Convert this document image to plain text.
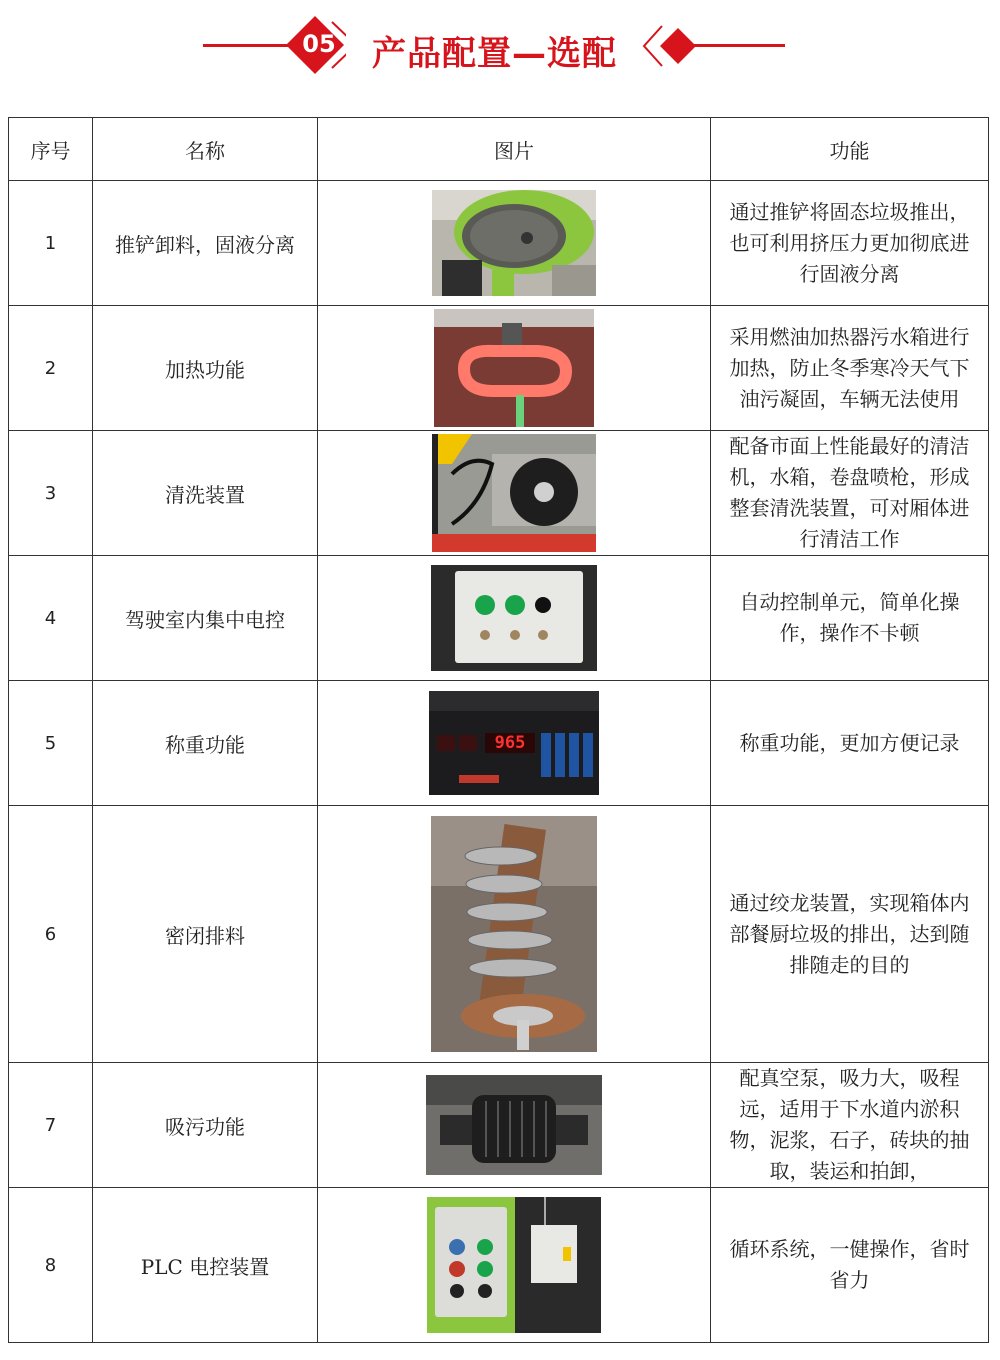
05	产品配置—选配
序号	名称	图片	功能
1	推铲卸料，固液分离		通过推铲将固态垃圾推出，也可利用挤压力更加彻底进行固液分离
2	加热功能		采用燃油加热器污水箱进行加热，防止冬季寒冷天气下油污凝固，车辆无法使用
3	清洗装置		配备市面上性能最好的清洁机，水箱，卷盘喷枪，形成整套清洗装置，可对厢体进行清洁工作
4	驾驶室内集中电控		自动控制单元，简单化操作，操作不卡顿
5	称重功能	965	称重功能，更加方便记录
6	密闭排料		通过绞龙装置，实现箱体内部餐厨垃圾的排出，达到随排随走的目的
7	吸污功能		配真空泵，吸力大，吸程远，适用于下水道内淤积物，泥浆，石子，砖块的抽取，装运和拍卸，
8	PLC 电控装置		循环系统，一健操作，省时省力
